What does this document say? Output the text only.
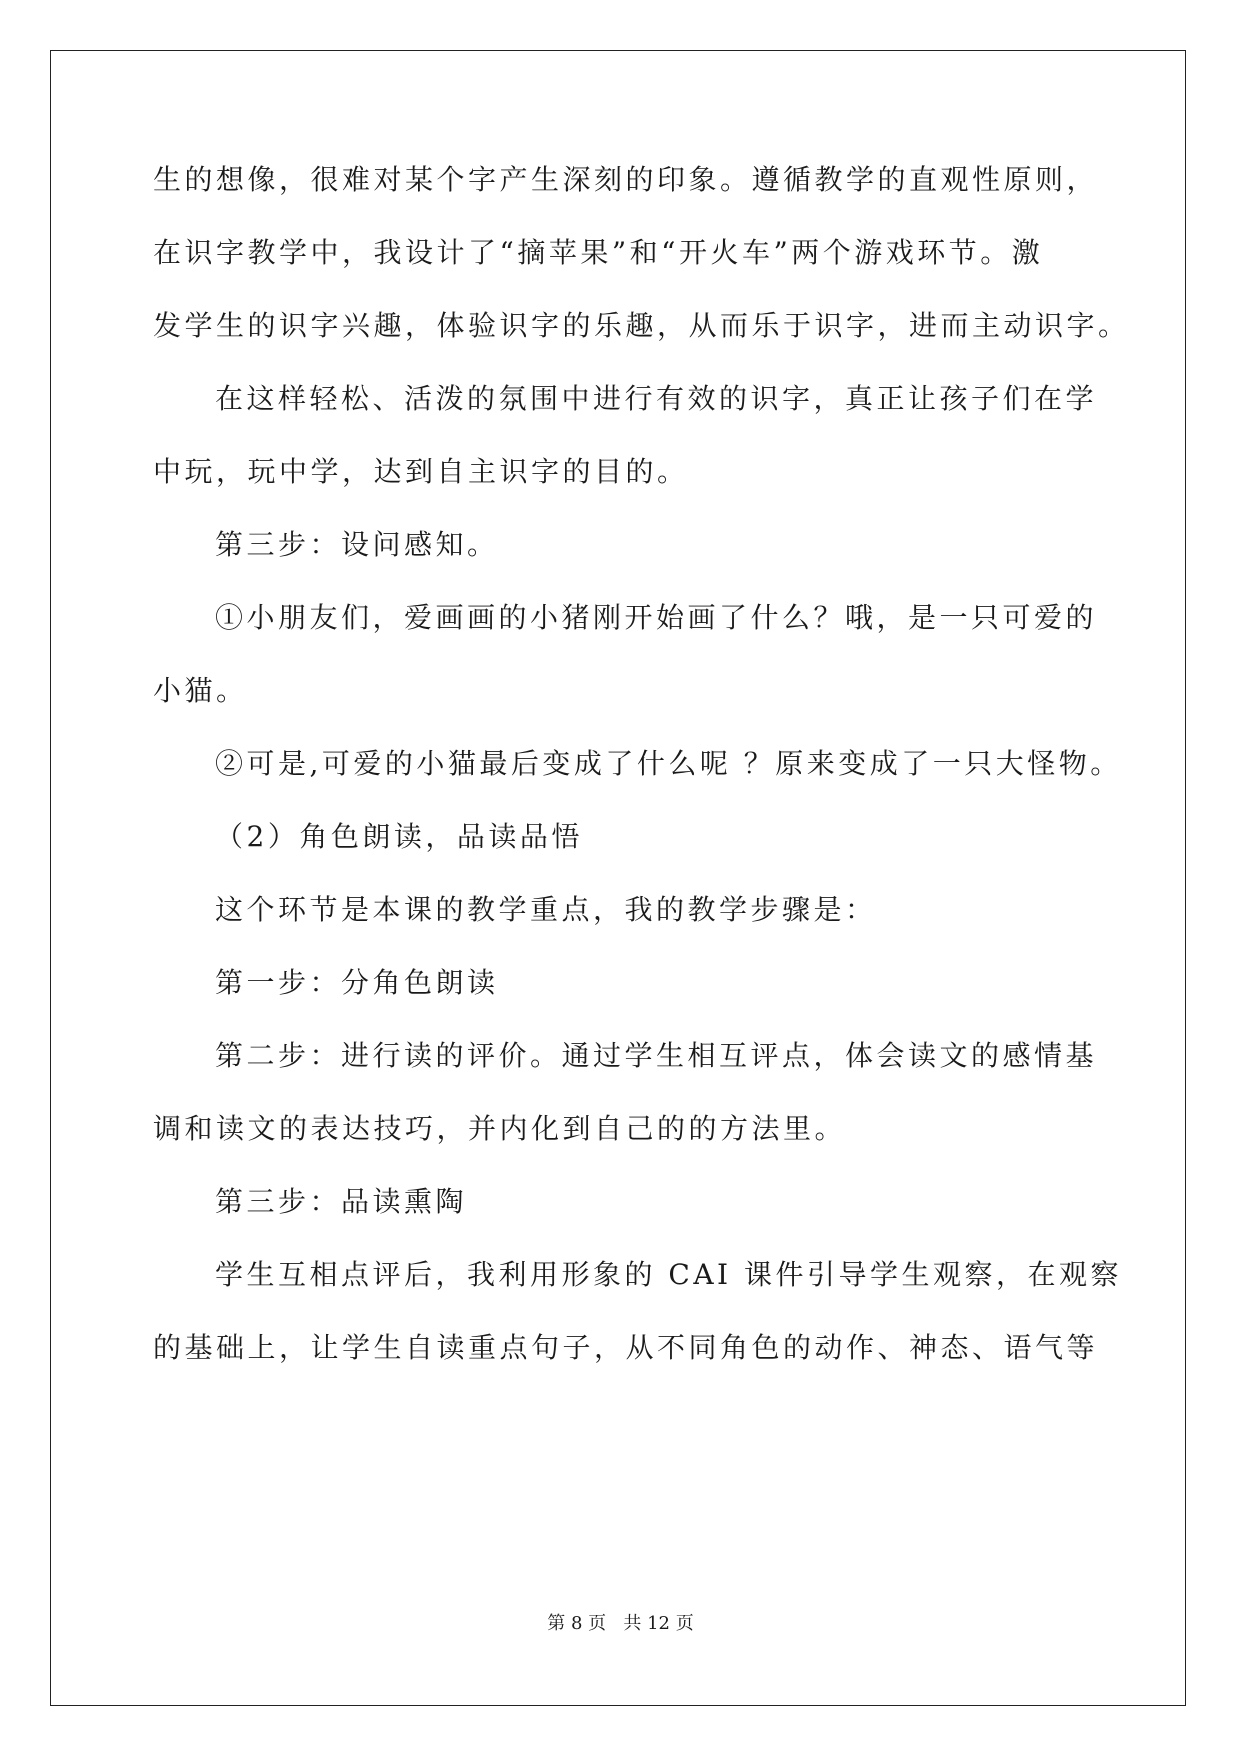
生的想像，很难对某个字产生深刻的印象。遵循教学的直观性原则，
在识字教学中，我设计了“摘苹果”和“开火车”两个游戏环节。激
发学生的识字兴趣，体验识字的乐趣，从而乐于识字，进而主动识字。
在这样轻松、活泼的氛围中进行有效的识字，真正让孩子们在学
中玩，玩中学，达到自主识字的目的。
第三步：设问感知。
①小朋友们，爱画画的小猪刚开始画了什么？哦，是一只可爱的
小猫。
②可是,可爱的小猫最后变成了什么呢 ？原来变成了一只大怪物。
（2）角色朗读，品读品悟
这个环节是本课的教学重点，我的教学步骤是：
第一步：分角色朗读
第二步：进行读的评价。通过学生相互评点，体会读文的感情基
调和读文的表达技巧，并内化到自己的的方法里。
第三步：品读熏陶
学生互相点评后，我利用形象的 CAI 课件引导学生观察，在观察
的基础上，让学生自读重点句子，从不同角色的动作、神态、语气等
第 8 页   共 12 页
